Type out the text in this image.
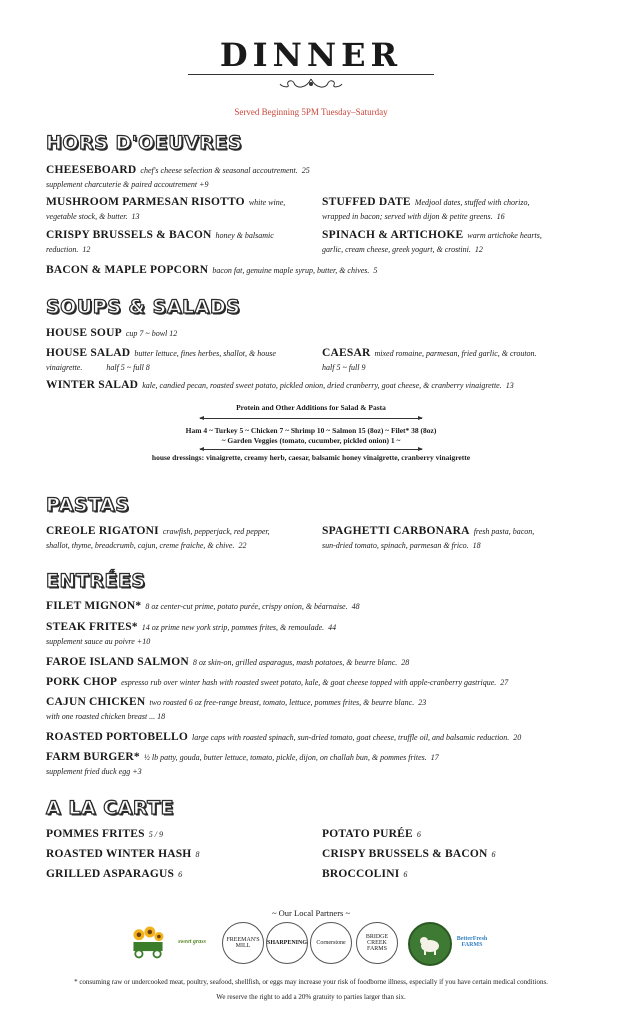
DINNER
Served Beginning 5PM Tuesday–Saturday
HORS D'OEUVRES
CHEESEBOARD chef's cheese selection & seasonal accoutrement. 25
supplement charcuterie & paired accoutrement +9
MUSHROOM PARMESAN RISOTTO white wine,
vegetable stock, & butter. 13
STUFFED DATE Medjool dates, stuffed with chorizo,
wrapped in bacon; served with dijon & petite greens. 16
CRISPY BRUSSELS & BACON honey & balsamic
reduction. 12
SPINACH & ARTICHOKE warm artichoke hearts,
garlic, cream cheese, greek yogurt, & crostini. 12
BACON & MAPLE POPCORN bacon fat, genuine maple syrup, butter, & chives. 5
SOUPS & SALADS
HOUSE SOUP cup 7 ~ bowl 12
HOUSE SALAD butter lettuce, fines herbes, shallot, & house
vinaigrette.	half 5 ~ full 8
CAESAR mixed romaine, parmesan, fried garlic, & crouton.
half 5 ~ full 9
WINTER SALAD kale, candied pecan, roasted sweet potato, pickled onion, dried cranberry, goat cheese, & cranberry vinaigrette. 13
Protein and Other Additions for Salad & Pasta
Ham 4 ~ Turkey 5 ~ Chicken 7 ~ Shrimp 10 ~ Salmon 15 (8oz) ~ Filet* 38 (8oz)
~ Garden Veggies (tomato, cucumber, pickled onion) 1 ~
house dressings: vinaigrette, creamy herb, caesar, balsamic honey vinaigrette, cranberry vinaigrette
PASTAS
CREOLE RIGATONI crawfish, pepperjack, red pepper,
shallot, thyme, breadcrumb, cajun, creme fraiche, & chive. 22
SPAGHETTI CARBONARA fresh pasta, bacon,
sun-dried tomato, spinach, parmesan & frico. 18
ENTRÉES
FILET MIGNON* 8 oz center-cut prime, potato purée, crispy onion, & béarnaise. 48
STEAK FRITES* 14 oz prime new york strip, pommes frites, & remoulade. 44
supplement sauce au poivre +10
FAROE ISLAND SALMON 8 oz skin-on, grilled asparagus, mash potatoes, & beurre blanc. 28
PORK CHOP espresso rub over winter hash with roasted sweet potato, kale, & goat cheese topped with apple-cranberry gastrique. 27
CAJUN CHICKEN two roasted 6 oz free-range breast, tomato, lettuce, pommes frites, & beurre blanc. 23
with one roasted chicken breast ... 18
ROASTED PORTOBELLO large caps with roasted spinach, sun-dried tomato, goat cheese, truffle oil, and balsamic reduction. 20
FARM BURGER* ½ lb patty, gouda, butter lettuce, tomato, pickle, dijon, on challah bun, & pommes frites. 17
supplement fried duck egg +3
A LA CARTE
POMMES FRITES 5 / 9	POTATO PURÉE 6
ROASTED WINTER HASH 8	CRISPY BRUSSELS & BACON 6
GRILLED ASPARAGUS 6	BROCCOLINI 6
~ Our Local Partners ~
sweet grass	FREEMAN'S MILL	SHARPENING	Cornerstone
BRIDGE CREEK FARMS
BetterFresh FARMS
* consuming raw or undercooked meat, poultry, seafood, shellfish, or eggs may increase your risk of foodborne illness, especially if you have certain medical conditions.
We reserve the right to add a 20% gratuity to parties larger than six.
